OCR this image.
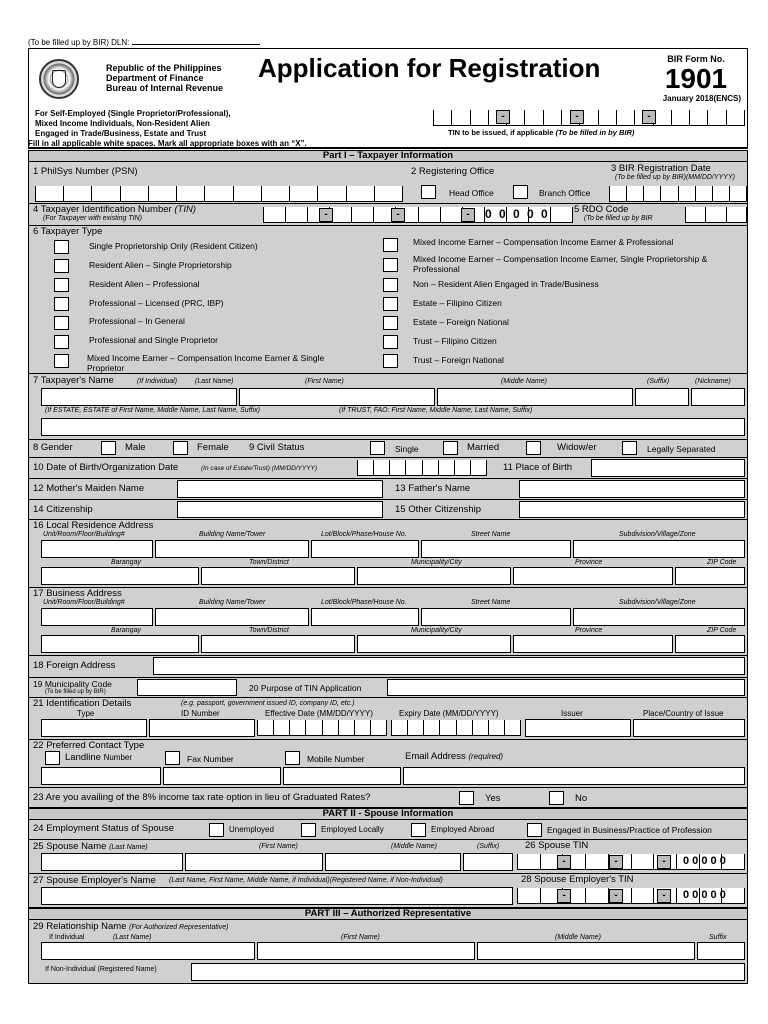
(To be filled up by BIR) DLN:
Republic of the Philippines
Department of Finance
Bureau of Internal Revenue
Application for Registration	BIR Form No.
1901
January 2018(ENCS)
For Self-Employed (Single Proprietor/Professional),
Mixed Income Individuals, Non-Resident Alien
Engaged in Trade/Business, Estate and Trust
-	-	-
TIN to be issued, if applicable (To be filled in by BIR)
Fill in all applicable white spaces. Mark all appropriate boxes with an “X”.
Part I – Taxpayer Information
1 PhilSys Number (PSN)	2 Registering Office
Head Office	Branch Office
3 BIR Registration Date
(To be filled up by BIR)(MM/DD/YYYY)
4 Taxpayer Identification Number (TIN)
(For Taxpayer with existing TIN)	-	-	-	0 0 0 0 0	5 RDO Code
(To be filled up by BIR
6 Taxpayer Type
Single Proprietorship Only (Resident Citizen)
Resident Alien – Single Proprietorship
Resident Alien – Professional
Professional – Licensed (PRC, IBP)
Professional – In General
Professional and Single Proprietor
Mixed Income Earner – Compensation Income Earner & Single Proprietor
Mixed Income Earner – Compensation Income Earner & Professional
Mixed Income Earner – Compensation Income Earner, Single Proprietorship & Professional
Non – Resident Alien Engaged in Trade/Business
Estate – Filipino Citizen
Estate – Foreign National
Trust – Filipino Citizen
Trust – Foreign National
7 Taxpayer's Name	(If Individual)	(Last Name)	(First Name)	(Middle Name)	(Suffix)	(Nickname)
(If ESTATE, ESTATE of First Name, Middle Name, Last Name, Suffix)	(If TRUST, FAO: First Name, Middle Name, Last Name, Suffix)
8 Gender	Male	Female 9 Civil Status	Single	Married	Widow/er	Legally Separated
10 Date of Birth/Organization Date	(In case of Estate/Trust) (MM/DD/YYYY)	11 Place of Birth
12 Mother's Maiden Name	13 Father's Name
14 Citizenship	15 Other Citizenship
16 Local Residence Address
Unit/Room/Floor/Building#	Building Name/Tower	Lot/Block/Phase/House No.	Street Name	Subdivision/Village/Zone
Barangay	Town/District	Municipality/City	Province	ZIP Code
17 Business Address
Unit/Room/Floor/Building#	Building Name/Tower	Lot/Block/Phase/House No.	Street Name	Subdivision/Village/Zone
Barangay	Town/District	Municipality/City	Province	ZIP Code
18 Foreign Address
19 Municipality Code
(To be filled up by BIR)	20 Purpose of TIN Application
21 Identification Details	(e.g. passport, government issued ID, company ID, etc.)
Type	ID Number	Effective Date (MM/DD/YYYY)	Expiry Date (MM/DD/YYYY)	Issuer	Place/Country of Issue
22 Preferred Contact Type
Landline Number	Fax Number	Mobile Number	Email Address (required)
23 Are you availing of the 8% income tax rate option in lieu of Graduated Rates?	Yes	No
PART II - Spouse Information
24 Employment Status of Spouse	Unemployed	Employed Locally	Employed Abroad	Engaged in Business/Practice of Profession
25 Spouse Name (Last Name)	(First Name)	(Middle Name)	(Suffix)	26 Spouse TIN
-	-	-	0 0 0 0 0
27 Spouse Employer's Name (Last Name, First Name, Middle Name, if Individual)(Registered Name, if Non-Individual)	28 Spouse Employer's TIN
-	-	-	0 0 0 0 0
PART III – Authorized Representative
29 Relationship Name (For Authorized Representative)
If Individual	(Last Name)	(First Name)	(Middle Name)	Suffix
If Non-Individual (Registered Name)
